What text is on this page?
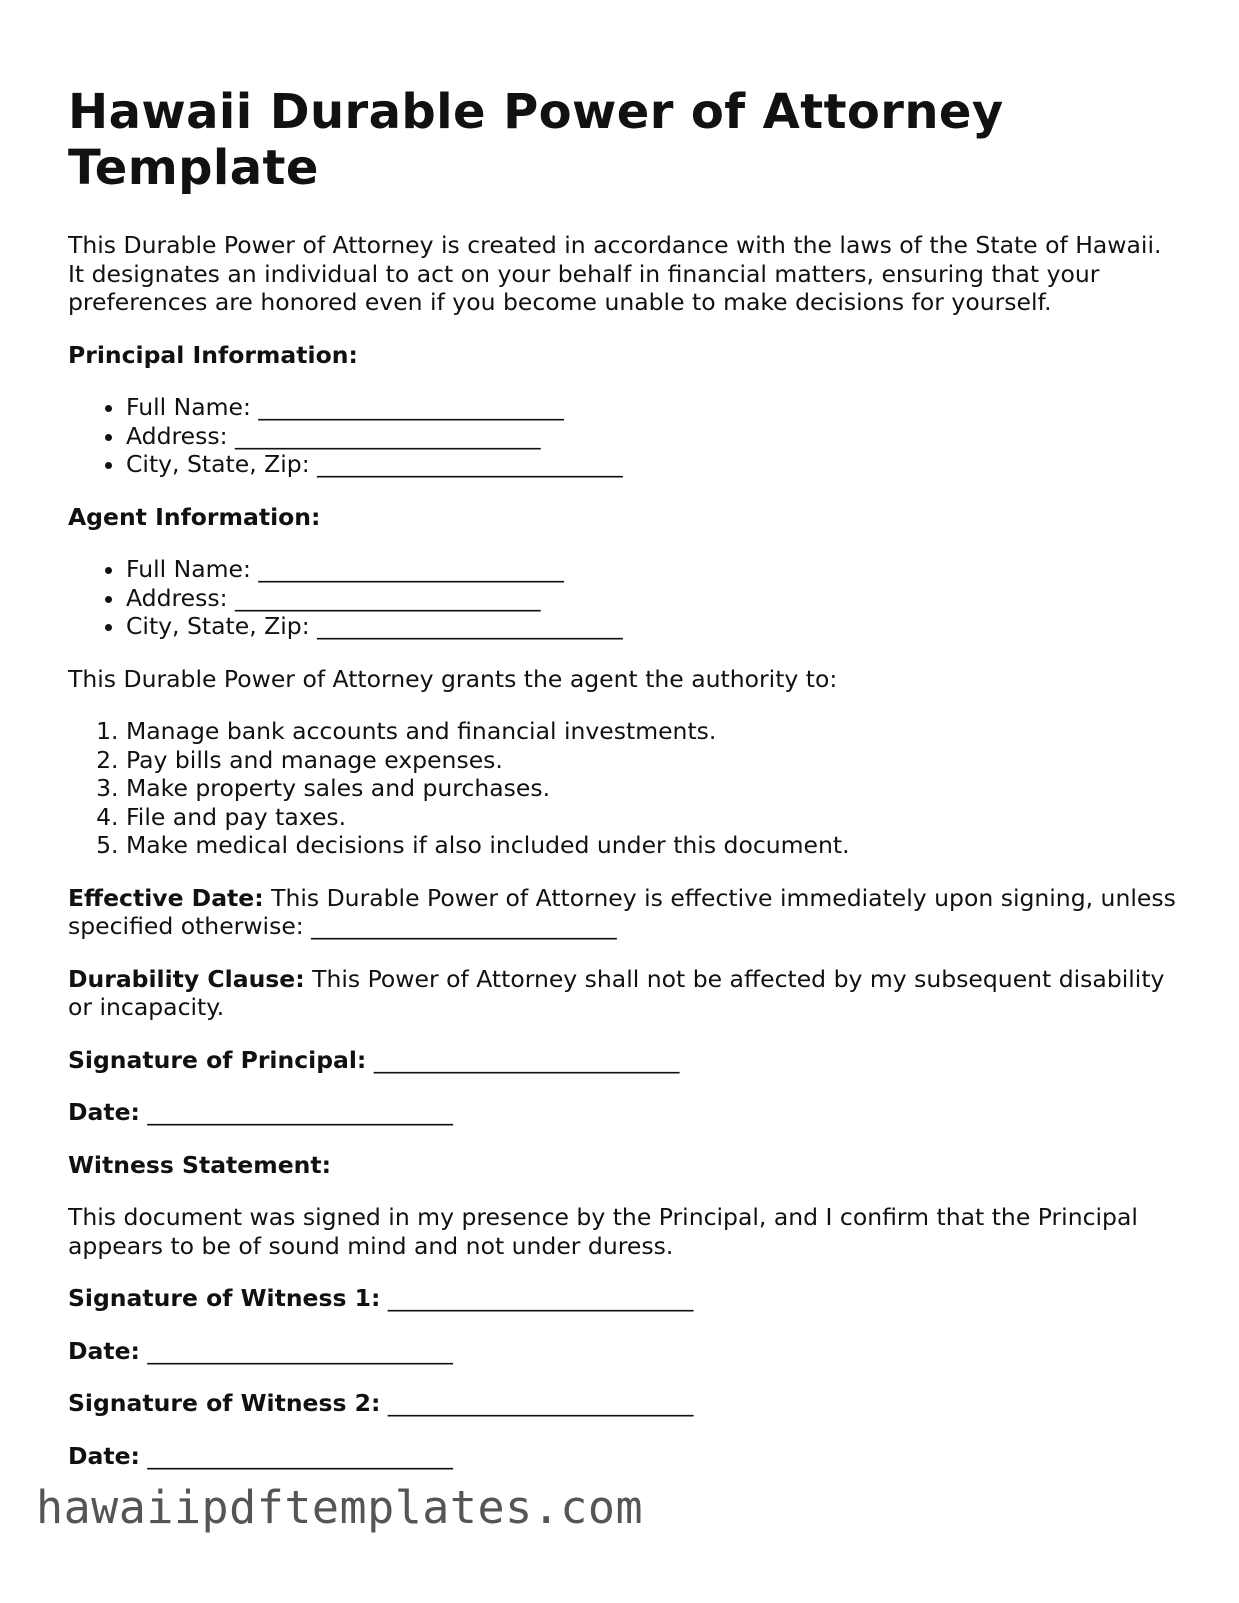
Hawaii Durable Power of Attorney Template

This Durable Power of Attorney is created in accordance with the laws of the State of Hawaii. It designates an individual to act on your behalf in financial matters, ensuring that your preferences are honored even if you become unable to make decisions for yourself.

Principal Information:

• Full Name: __________________________
• Address: __________________________
• City, State, Zip: __________________________

Agent Information:

• Full Name: __________________________
• Address: __________________________
• City, State, Zip: __________________________

This Durable Power of Attorney grants the agent the authority to:

1. Manage bank accounts and financial investments.
2. Pay bills and manage expenses.
3. Make property sales and purchases.
4. File and pay taxes.
5. Make medical decisions if also included under this document.

Effective Date: This Durable Power of Attorney is effective immediately upon signing, unless specified otherwise: __________________________

Durability Clause: This Power of Attorney shall not be affected by my subsequent disability or incapacity.

Signature of Principal: __________________________

Date: __________________________

Witness Statement:

This document was signed in my presence by the Principal, and I confirm that the Principal appears to be of sound mind and not under duress.

Signature of Witness 1: __________________________

Date: __________________________

Signature of Witness 2: __________________________

Date: __________________________

hawaiipdftemplates.com
